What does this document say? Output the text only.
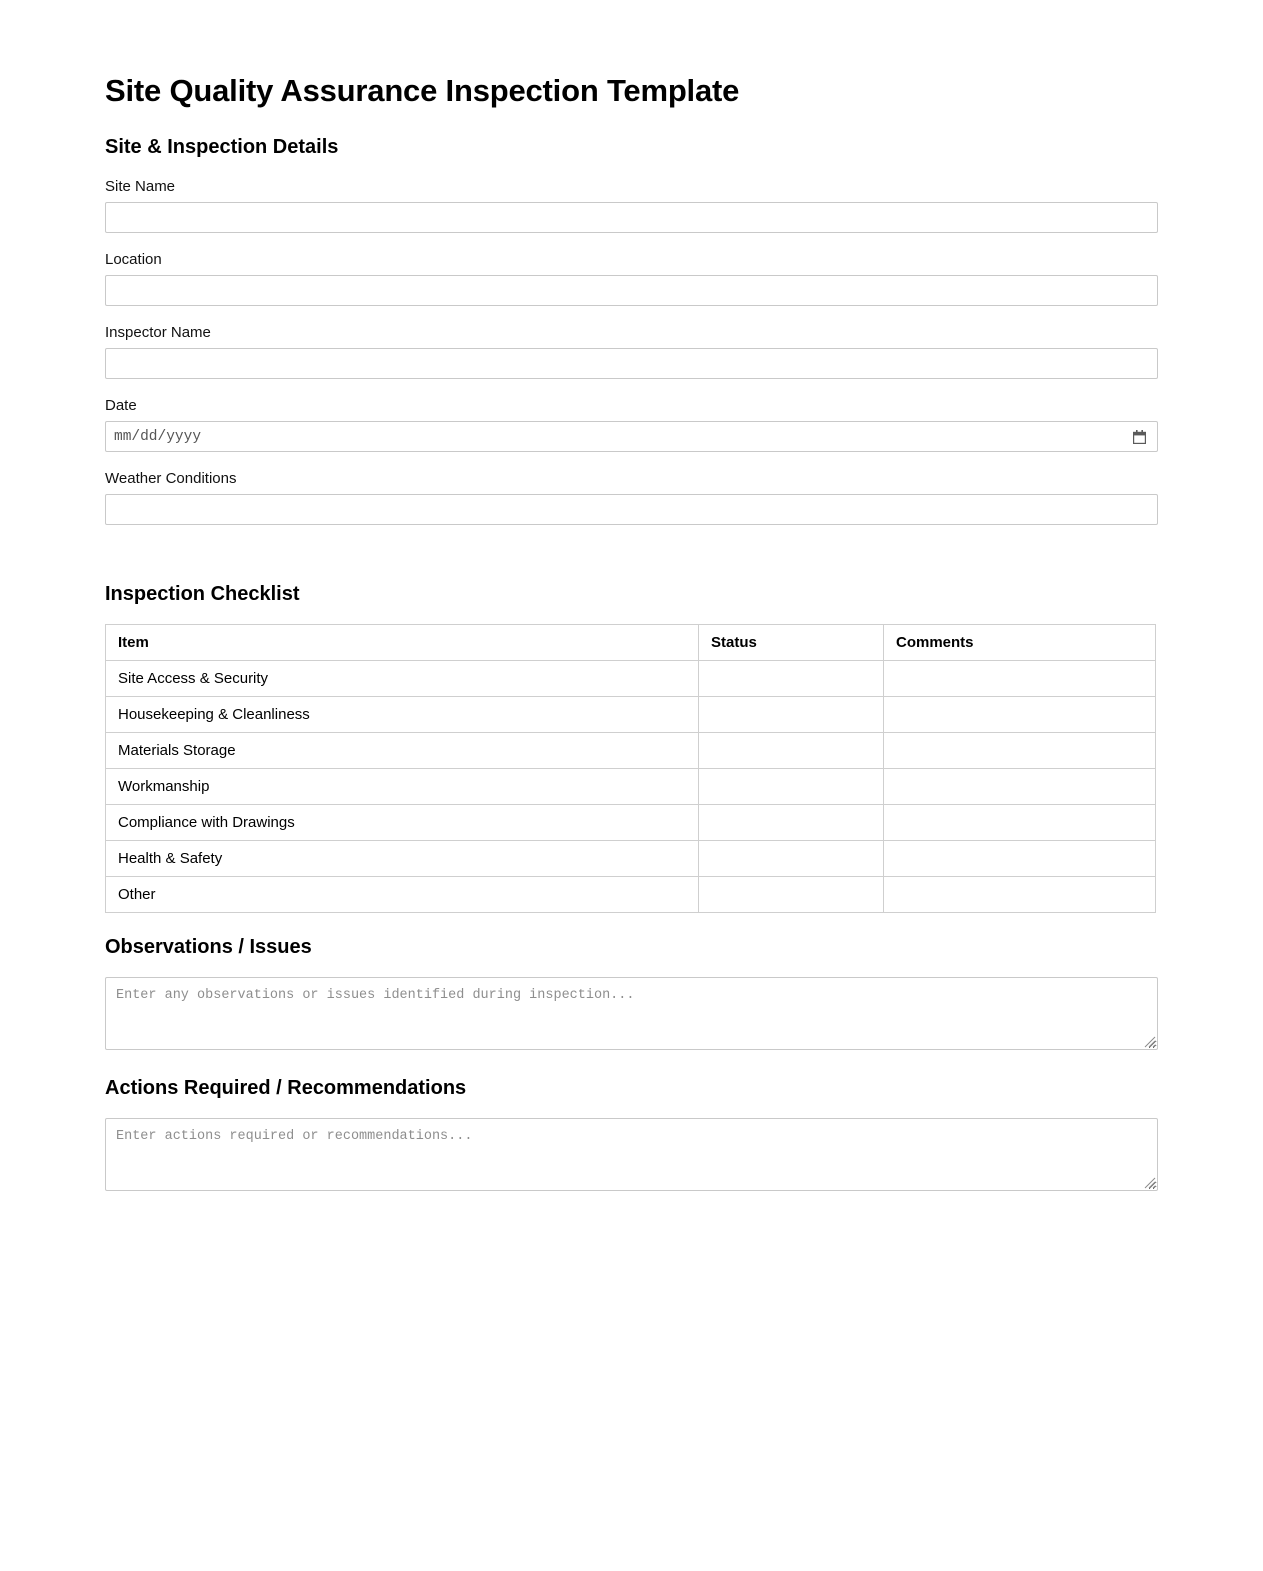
Site Quality Assurance Inspection Template
Site & Inspection Details
Site Name
Location
Inspector Name
Date
mm/dd/yyyy
Weather Conditions
Inspection Checklist
Item	Status	Comments
Site Access & Security		
Housekeeping & Cleanliness		
Materials Storage		
Workmanship		
Compliance with Drawings		
Health & Safety		
Other		
Observations / Issues
Enter any observations or issues identified during inspection...
Actions Required / Recommendations
Enter actions required or recommendations...
